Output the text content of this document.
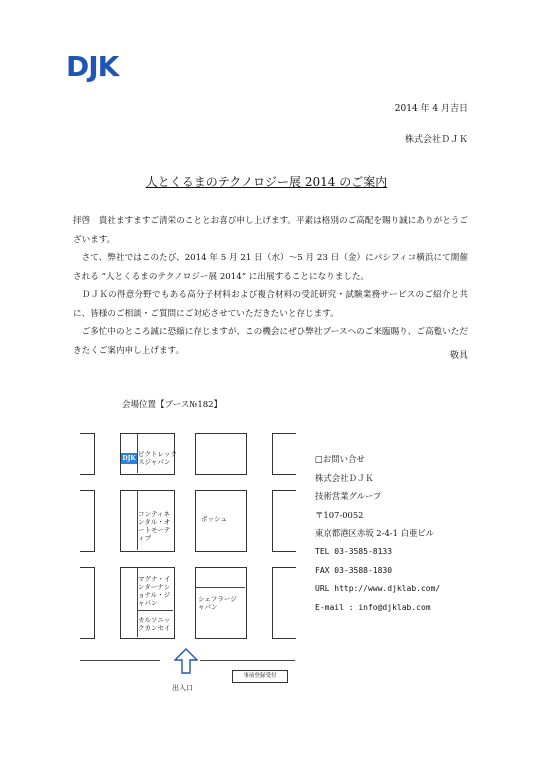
DJK
2014 年 4 月吉日
株式会社ＤＪＫ
人とくるまのテクノロジー展 2014 のご案内

拝啓　貴社ますますご清栄のこととお喜び申し上げます。平素は格別のご高配を賜り誠にありがとうございます。

　さて、弊社ではこのたび、2014 年 5 月 21 日（水）～5 月 23 日（金）にパシフィコ横浜にて開催される “人とくるまのテクノロジー展 2014” に出展することになりました。

　ＤＪＫの得意分野でもある高分子材料および複合材料の受託研究・試験業務サービスのご紹介と共に、皆様のご相談・ご質問にご対応させていただきたいと存じます。

　ご多忙中のところ誠に恐縮に存じますが、この機会にぜひ弊社ブースへのご来臨賜り、ご高覧いただきたくご案内申し上げます。

敬具
会場位置【ブース№182】
DJK
ピクトレックスジャパン
コンティネンタル・オートモーティブ
マグナ・インターナショナル・ジャパン
カルソニックカンセイ
ボッシュ
シェフラージャパン
出入口
事前登録受付
□お問い合せ
株式会社ＤＪＫ
技術営業グループ
〒107-0052
東京都港区赤坂 2-4-1 白亜ビル
TEL 03-3585-8133
FAX 03-3588-1830
URL http://www.djklab.com/
E-mail : info@djklab.com
